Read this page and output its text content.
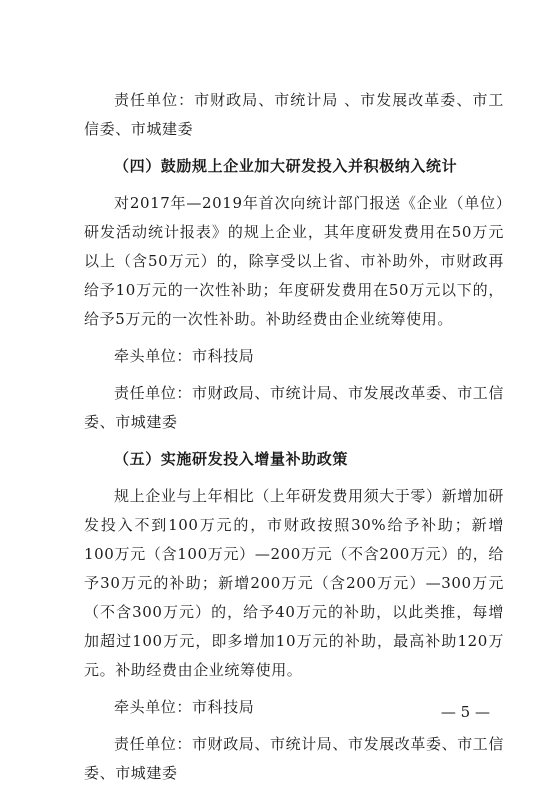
责任单位：市财政局、市统计局 、市发展改革委、市工信委、市城建委

（四）鼓励规上企业加大研发投入并积极纳入统计

对2017年—2019年首次向统计部门报送《企业（单位）研发活动统计报表》的规上企业，其年度研发费用在50万元以上（含50万元）的，除享受以上省、市补助外，市财政再给予10万元的一次性补助；年度研发费用在50万元以下的，给予5万元的一次性补助。补助经费由企业统筹使用。

牵头单位：市科技局

责任单位：市财政局、市统计局、市发展改革委、市工信委、市城建委

（五）实施研发投入增量补助政策

规上企业与上年相比（上年研发费用须大于零）新增加研发投入不到100万元的，市财政按照30%给予补助；新增100万元（含100万元）—200万元（不含200万元）的，给予30万元的补助；新增200万元（含200万元）—300万元（不含300万元）的，给予40万元的补助，以此类推，每增加超过100万元，即多增加10万元的补助，最高补助120万元。补助经费由企业统筹使用。

牵头单位：市科技局

责任单位：市财政局、市统计局、市发展改革委、市工信委、市城建委

— 5 —
